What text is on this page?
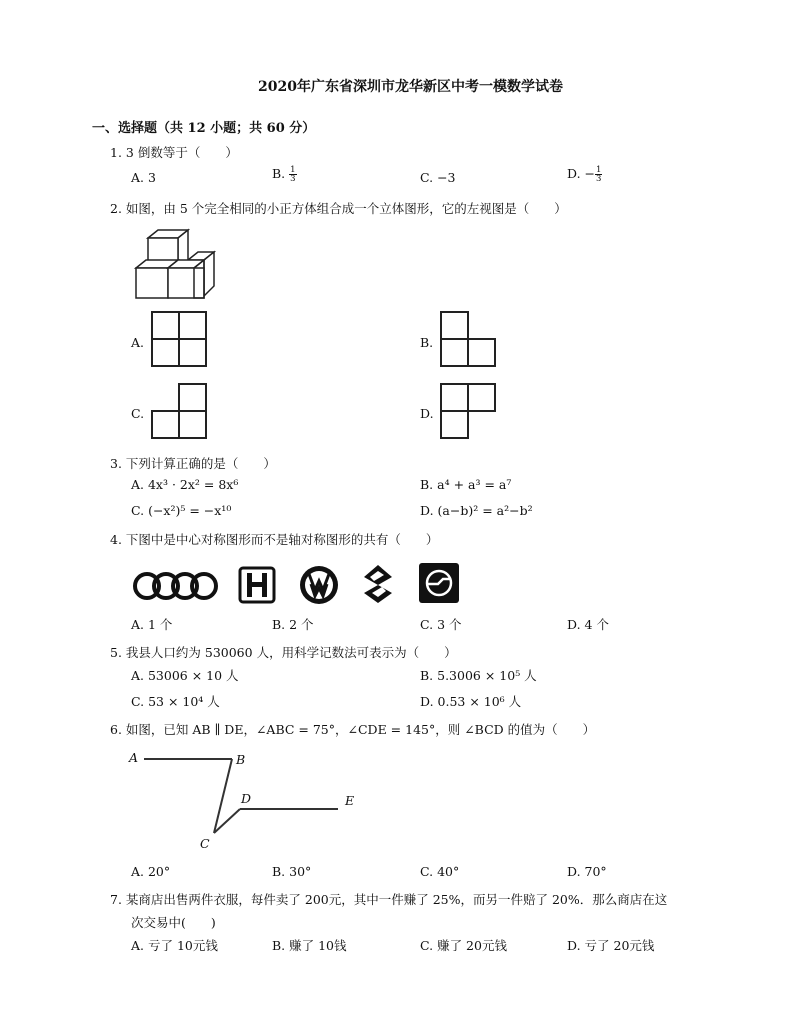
2020年广东省深圳市龙华新区中考一模数学试卷
一、选择题（共 12 小题；共 60 分）
1. 3 倒数等于（　　）
A. 3	B. $\frac{1}{3}$	C. −3	D. − $\frac{1}{3}$
2. 如图，由 5 个完全相同的小正方体组合成一个立体图形，它的左视图是（　　）
A.	B.
C.	D.
3. 下列计算正确的是（　　）
A. 4x³ · 2x² = 8x⁶	B. a⁴ + a³ = a⁷
C. (−x²)⁵ = −x¹⁰	D. (a−b)² = a²−b²
4. 下图中是中心对称图形而不是轴对称图形的共有（　　）
A. 1 个	B. 2 个	C. 3 个	D. 4 个
5. 我县人口约为 530060 人，用科学记数法可表示为（　　）
A. 53006 × 10 人	B. 5.3006 × 10⁵ 人
C. 53 × 10⁴ 人	D. 0.53 × 10⁶ 人
6. 如图，已知 AB ∥ DE，∠ABC = 75°，∠CDE = 145°，则 ∠BCD 的值为（　　）
A	B
D	E
C
A. 20°	B. 30°	C. 40°	D. 70°
7. 某商店出售两件衣服，每件卖了 200元，其中一件赚了 25%，而另一件赔了 20%．那么商店在这
次交易中(　　)
A. 亏了 10元钱	B. 赚了 10钱	C. 赚了 20元钱	D. 亏了 20元钱
